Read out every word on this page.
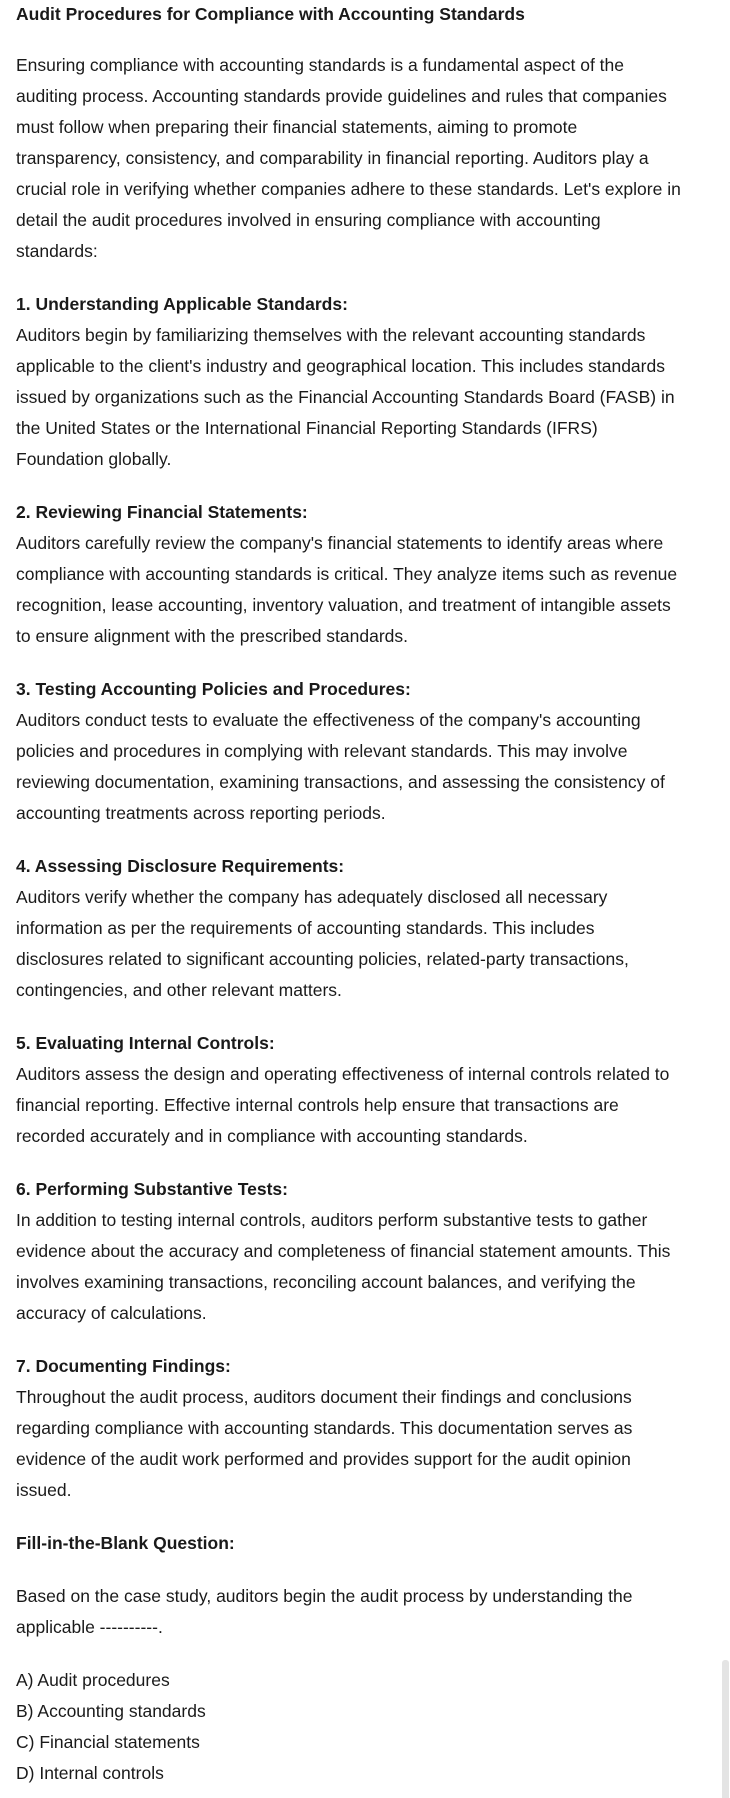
Audit Procedures for Compliance with Accounting Standards
Ensuring compliance with accounting standards is a fundamental aspect of the auditing process. Accounting standards provide guidelines and rules that companies must follow when preparing their financial statements, aiming to promote transparency, consistency, and comparability in financial reporting. Auditors play a crucial role in verifying whether companies adhere to these standards. Let's explore in detail the audit procedures involved in ensuring compliance with accounting standards:
1. Understanding Applicable Standards:
Auditors begin by familiarizing themselves with the relevant accounting standards applicable to the client's industry and geographical location. This includes standards issued by organizations such as the Financial Accounting Standards Board (FASB) in the United States or the International Financial Reporting Standards (IFRS) Foundation globally.
2. Reviewing Financial Statements:
Auditors carefully review the company's financial statements to identify areas where compliance with accounting standards is critical. They analyze items such as revenue recognition, lease accounting, inventory valuation, and treatment of intangible assets to ensure alignment with the prescribed standards.
3. Testing Accounting Policies and Procedures:
Auditors conduct tests to evaluate the effectiveness of the company's accounting policies and procedures in complying with relevant standards. This may involve reviewing documentation, examining transactions, and assessing the consistency of accounting treatments across reporting periods.
4. Assessing Disclosure Requirements:
Auditors verify whether the company has adequately disclosed all necessary information as per the requirements of accounting standards. This includes disclosures related to significant accounting policies, related-party transactions, contingencies, and other relevant matters.
5. Evaluating Internal Controls:
Auditors assess the design and operating effectiveness of internal controls related to financial reporting. Effective internal controls help ensure that transactions are recorded accurately and in compliance with accounting standards.
6. Performing Substantive Tests:
In addition to testing internal controls, auditors perform substantive tests to gather evidence about the accuracy and completeness of financial statement amounts. This involves examining transactions, reconciling account balances, and verifying the accuracy of calculations.
7. Documenting Findings:
Throughout the audit process, auditors document their findings and conclusions regarding compliance with accounting standards. This documentation serves as evidence of the audit work performed and provides support for the audit opinion issued.
Fill-in-the-Blank Question:
Based on the case study, auditors begin the audit process by understanding the applicable ----------.
A) Audit procedures
B) Accounting standards
C) Financial statements
D) Internal controls
